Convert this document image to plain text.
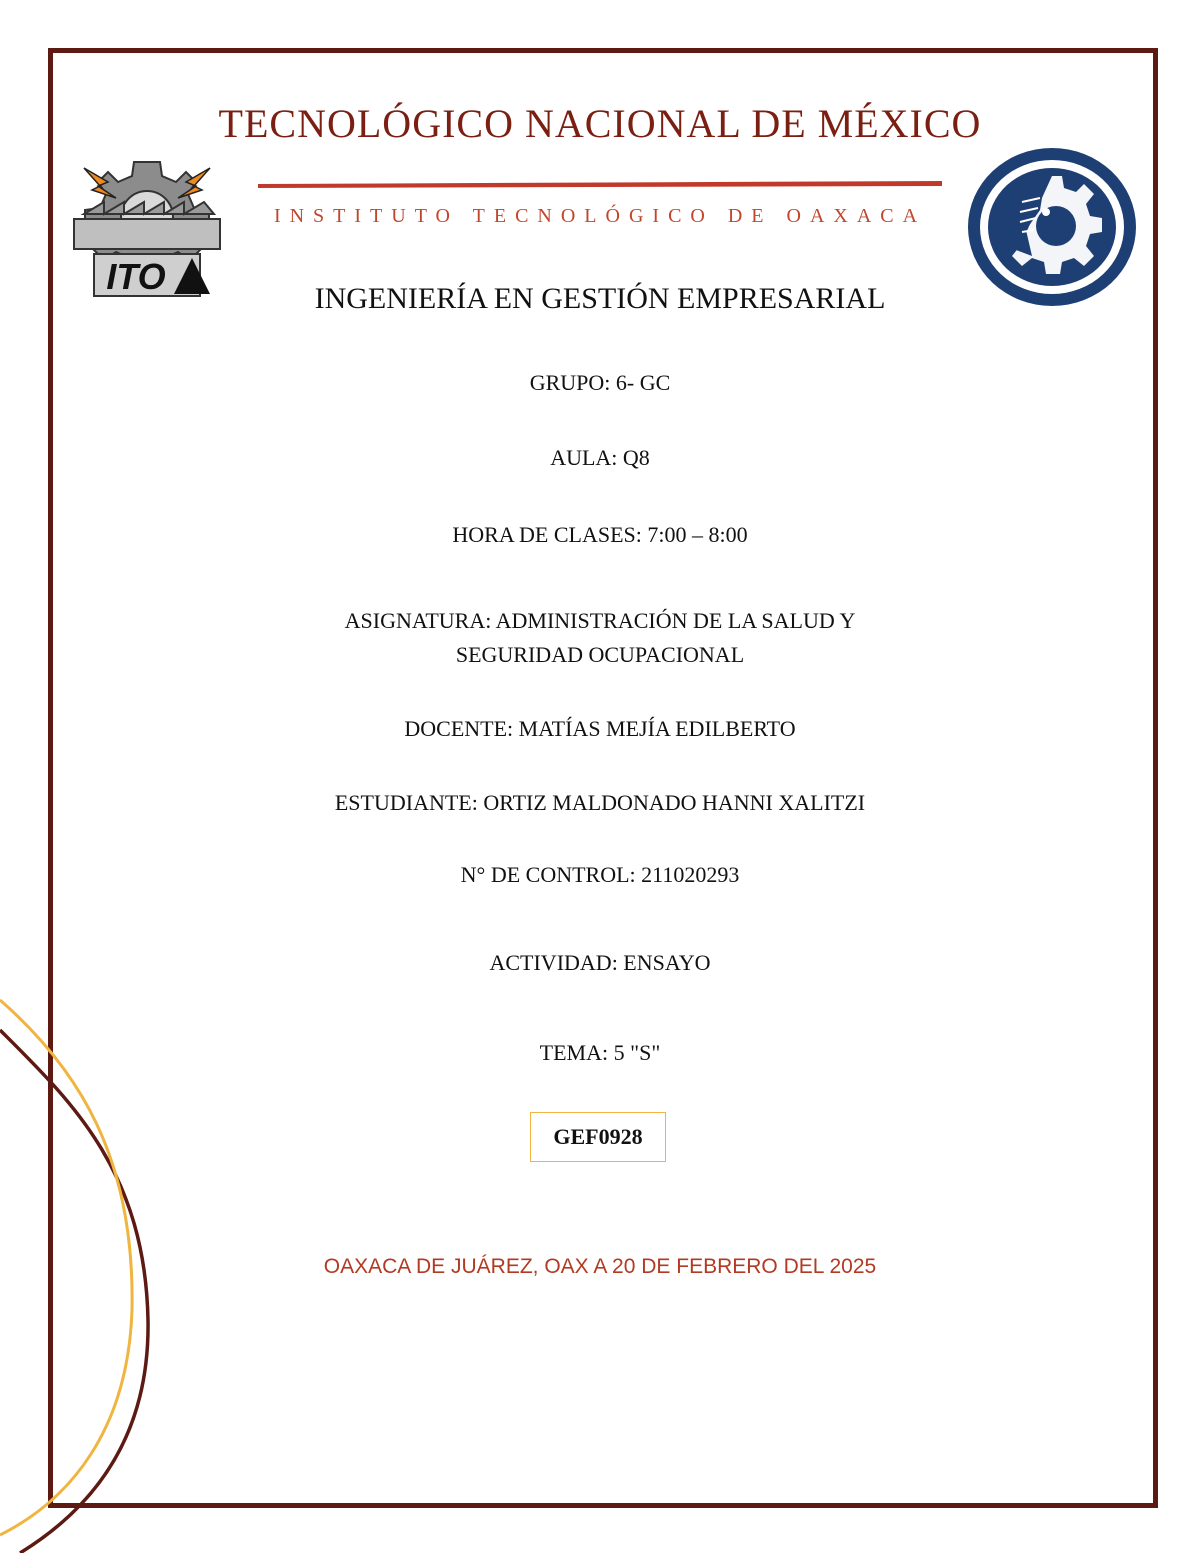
TECNOLÓGICO NACIONAL DE MÉXICO
INSTITUTO TECNOLÓGICO DE OAXACA
ITO
INGENIERÍA EN GESTIÓN EMPRESARIAL
GRUPO: 6- GC
AULA: Q8
HORA DE CLASES: 7:00 – 8:00
ASIGNATURA: ADMINISTRACIÓN DE LA SALUD Y
SEGURIDAD OCUPACIONAL
DOCENTE: MATÍAS MEJÍA EDILBERTO
ESTUDIANTE: ORTIZ MALDONADO HANNI XALITZI
N° DE CONTROL: 211020293
ACTIVIDAD: ENSAYO
TEMA: 5 "S"
GEF0928
OAXACA DE JUÁREZ, OAX A 20 DE FEBRERO DEL 2025
